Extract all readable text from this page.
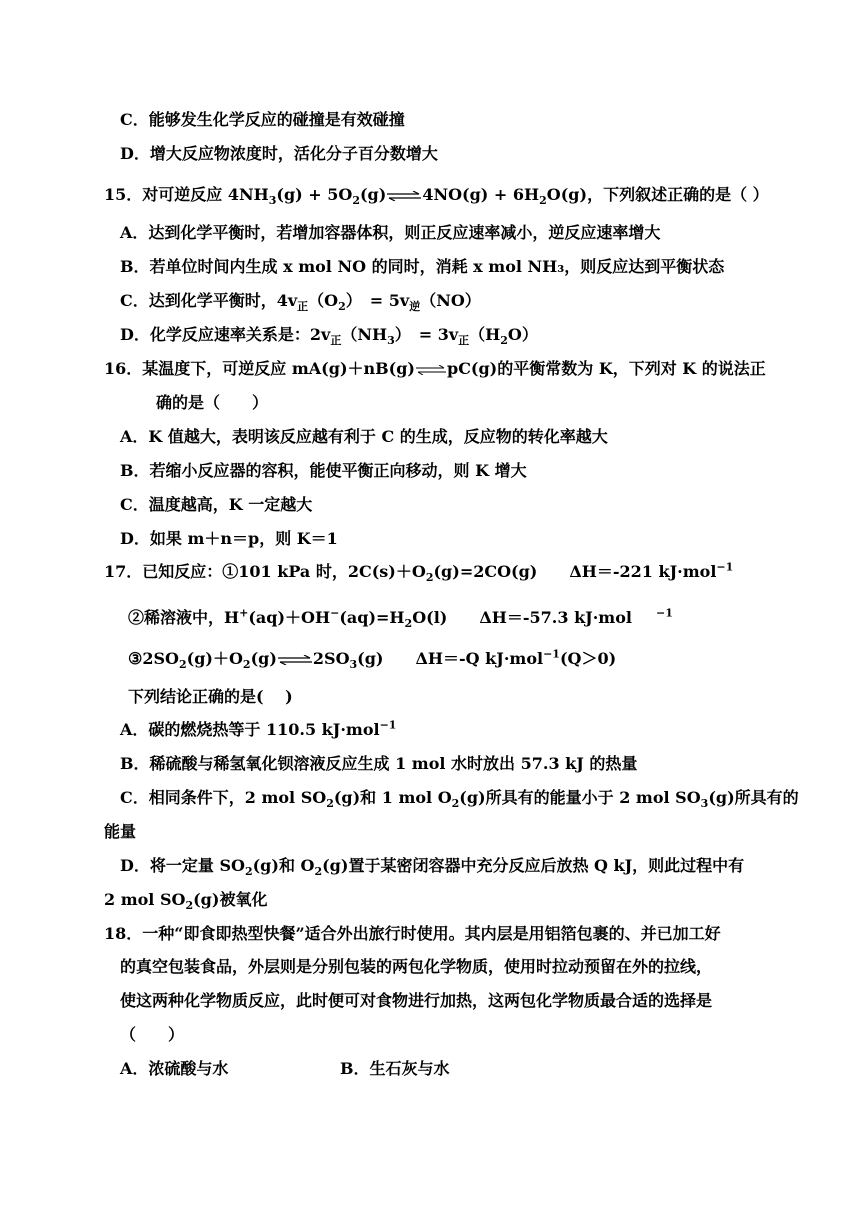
C．能够发生化学反应的碰撞是有效碰撞
D．增大反应物浓度时，活化分子百分数增大
15．对可逆反应 $4NH_3(g)$ + $5O_2(g)\rightleftharpoons 4NO(g) + 6H_2O(g)$，下列叙述正确的是（ ）
A．达到化学平衡时，若增加容器体积，则正反应速率减小，逆反应速率增大
B．若单位时间内生成 x mol NO 的同时，消耗 x mol NH₃，则反应达到平衡状态
C．达到化学平衡时，$4v_正(O_2)$　= $5v_逆(NO)$
D．化学反应速率关系是：$2v_正(NH_3)$　= $3v_正(H_2O)$
16．某温度下，可逆反应 mA(g)＋nB(g)⇌pC(g)的平衡常数为 K，下列对 K 的说法正
确的是（　　）
A．K 值越大，表明该反应越有利于 C 的生成，反应物的转化率越大
B．若缩小反应器的容积，能使平衡正向移动，则 K 增大
C．温度越高，K 一定越大
D．如果 m＋n＝p，则 K＝1
17．已知反应：①101 kPa 时，$2C(s)+O_2(g)=2CO(g)$　　ΔH＝-221 kJ·mol$^{-1}$
②稀溶液中，$H^+(aq)+OH^-(aq)=H_2O(l)$　　ΔH＝-57.3 kJ·mol $^{-1}$
$③2SO_2(g)+O_2(g)\rightleftharpoons 2SO_3(g)$　　ΔH＝-Q kJ·mol$^{-1}$(Q＞0)
下列结论正确的是(　 )
A．碳的燃烧热等于 110.5 kJ·mol$^{-1}$
B．稀硫酸与稀氢氧化钡溶液反应生成 1 mol 水时放出 57.3 kJ 的热量
C．相同条件下，2 mol $SO_2(g)$和 1 mol $O_2(g)$所具有的能量小于 2 mol $SO_3(g)$所具有的
能量
D．将一定量 $SO_2(g)$和 $O_2(g)$置于某密闭容器中充分反应后放热 Q kJ，则此过程中有
2 mol $SO_2(g)$被氧化
18．一种“即食即热型快餐”适合外出旅行时使用。其内层是用铝箔包裹的、并已加工好
的真空包装食品，外层则是分别包装的两包化学物质，使用时拉动预留在外的拉线，
使这两种化学物质反应，此时便可对食物进行加热，这两包化学物质最合适的选择是
（　　）
A．浓硫酸与水	B．生石灰与水
